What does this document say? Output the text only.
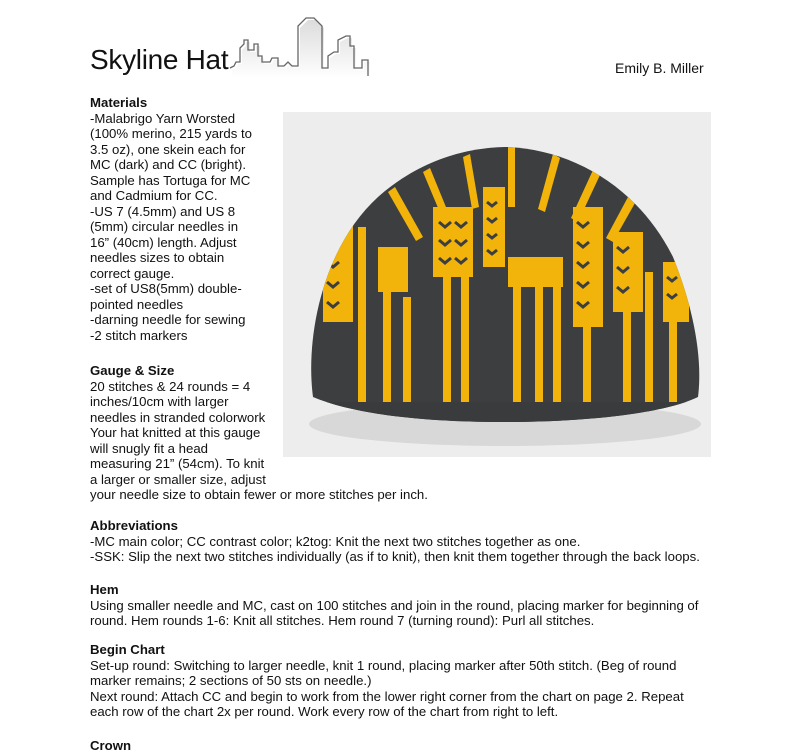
Skyline Hat	Emily B. Miller
Materials
-Malabrigo Yarn Worsted
(100% merino, 215 yards to
3.5 oz), one skein each for
MC (dark) and CC (bright).
Sample has Tortuga for MC
and Cadmium for CC.
-US 7 (4.5mm) and US 8
(5mm) circular needles in
16” (40cm) length. Adjust
needles sizes to obtain
correct gauge.
-set of US8(5mm) double-
pointed needles
-darning needle for sewing
-2 stitch markers
Gauge & Size
20 stitches & 24 rounds = 4
inches/10cm with larger
needles in stranded colorwork
Your hat knitted at this gauge
will snugly fit a head
measuring 21” (54cm). To knit
a larger or smaller size, adjust
your needle size to obtain fewer or more stitches per inch.
Abbreviations
-MC main color; CC contrast color; k2tog: Knit the next two stitches together as one.
-SSK: Slip the next two stitches individually (as if to knit), then knit them together through the back loops.
Hem
Using smaller needle and MC, cast on 100 stitches and join in the round, placing marker for beginning of
round. Hem rounds 1-6: Knit all stitches. Hem round 7 (turning round): Purl all stitches.
Begin Chart
Set-up round: Switching to larger needle, knit 1 round, placing marker after 50th stitch. (Beg of round
marker remains; 2 sections of 50 sts on needle.)
Next round: Attach CC and begin to work from the lower right corner from the chart on page 2. Repeat
each row of the chart 2x per round. Work every row of the chart from right to left.
Crown
